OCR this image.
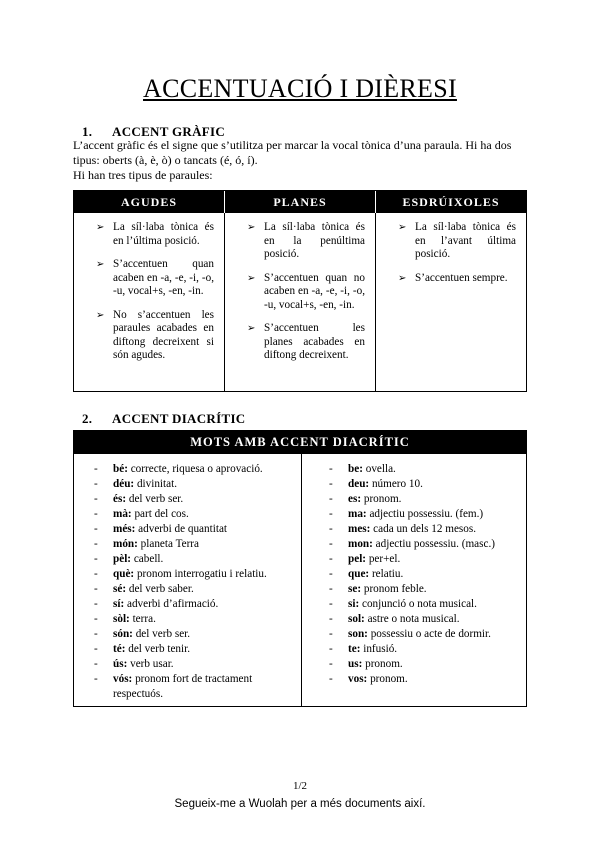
ACCENTUACIÓ I DIÈRESI
1. ACCENT GRÀFIC

L’accent gràfic és el signe que s’utilitza per marcar la vocal tònica d’una paraula. Hi ha dos tipus: oberts (à, è, ò) o tancats (é, ó, í).

Hi han tres tipus de paraules:

AGUDES	PLANES	ESDRÚIXOLES
➢ La síl·laba tònica és en l’última posició.
➢ S’accentuen quan acaben en -a, -e, -i, -o, -u, vocal+s, -en, -in.
➢ No s’accentuen les paraules acabades en diftong decreixent si són agudes.
➢ La síl·laba tònica és en la penúltima posició.
➢ S’accentuen quan no acaben en -a, -e, -i, -o, -u, vocal+s, -en, -in.
➢ S’accentuen les planes acabades en diftong decreixent.
➢ La síl·laba tònica és en l’avant última posició.
➢ S’accentuen sempre.
2. ACCENT DIACRÍTIC
MOTS AMB ACCENT DIACRÍTIC
- bé: correcte, riquesa o aprovació.
- déu: divinitat.
- és: del verb ser.
- mà: part del cos.
- més: adverbi de quantitat
- món: planeta Terra
- pèl: cabell.
- què: pronom interrogatiu i relatiu.
- sé: del verb saber.
- sí: adverbi d’afirmació.
- sòl: terra.
- són: del verb ser.
- té: del verb tenir.
- ús: verb usar.
- vós: pronom fort de tractament respectuós.
- be: ovella.
- deu: número 10.
- es: pronom.
- ma: adjectiu possessiu. (fem.)
- mes: cada un dels 12 mesos.
- mon: adjectiu possessiu. (masc.)
- pel: per+el.
- que: relatiu.
- se: pronom feble.
- si: conjunció o nota musical.
- sol: astre o nota musical.
- son: possessiu o acte de dormir.
- te: infusió.
- us: pronom.
- vos: pronom.
1/2
Segueix-me a Wuolah per a més documents així.
